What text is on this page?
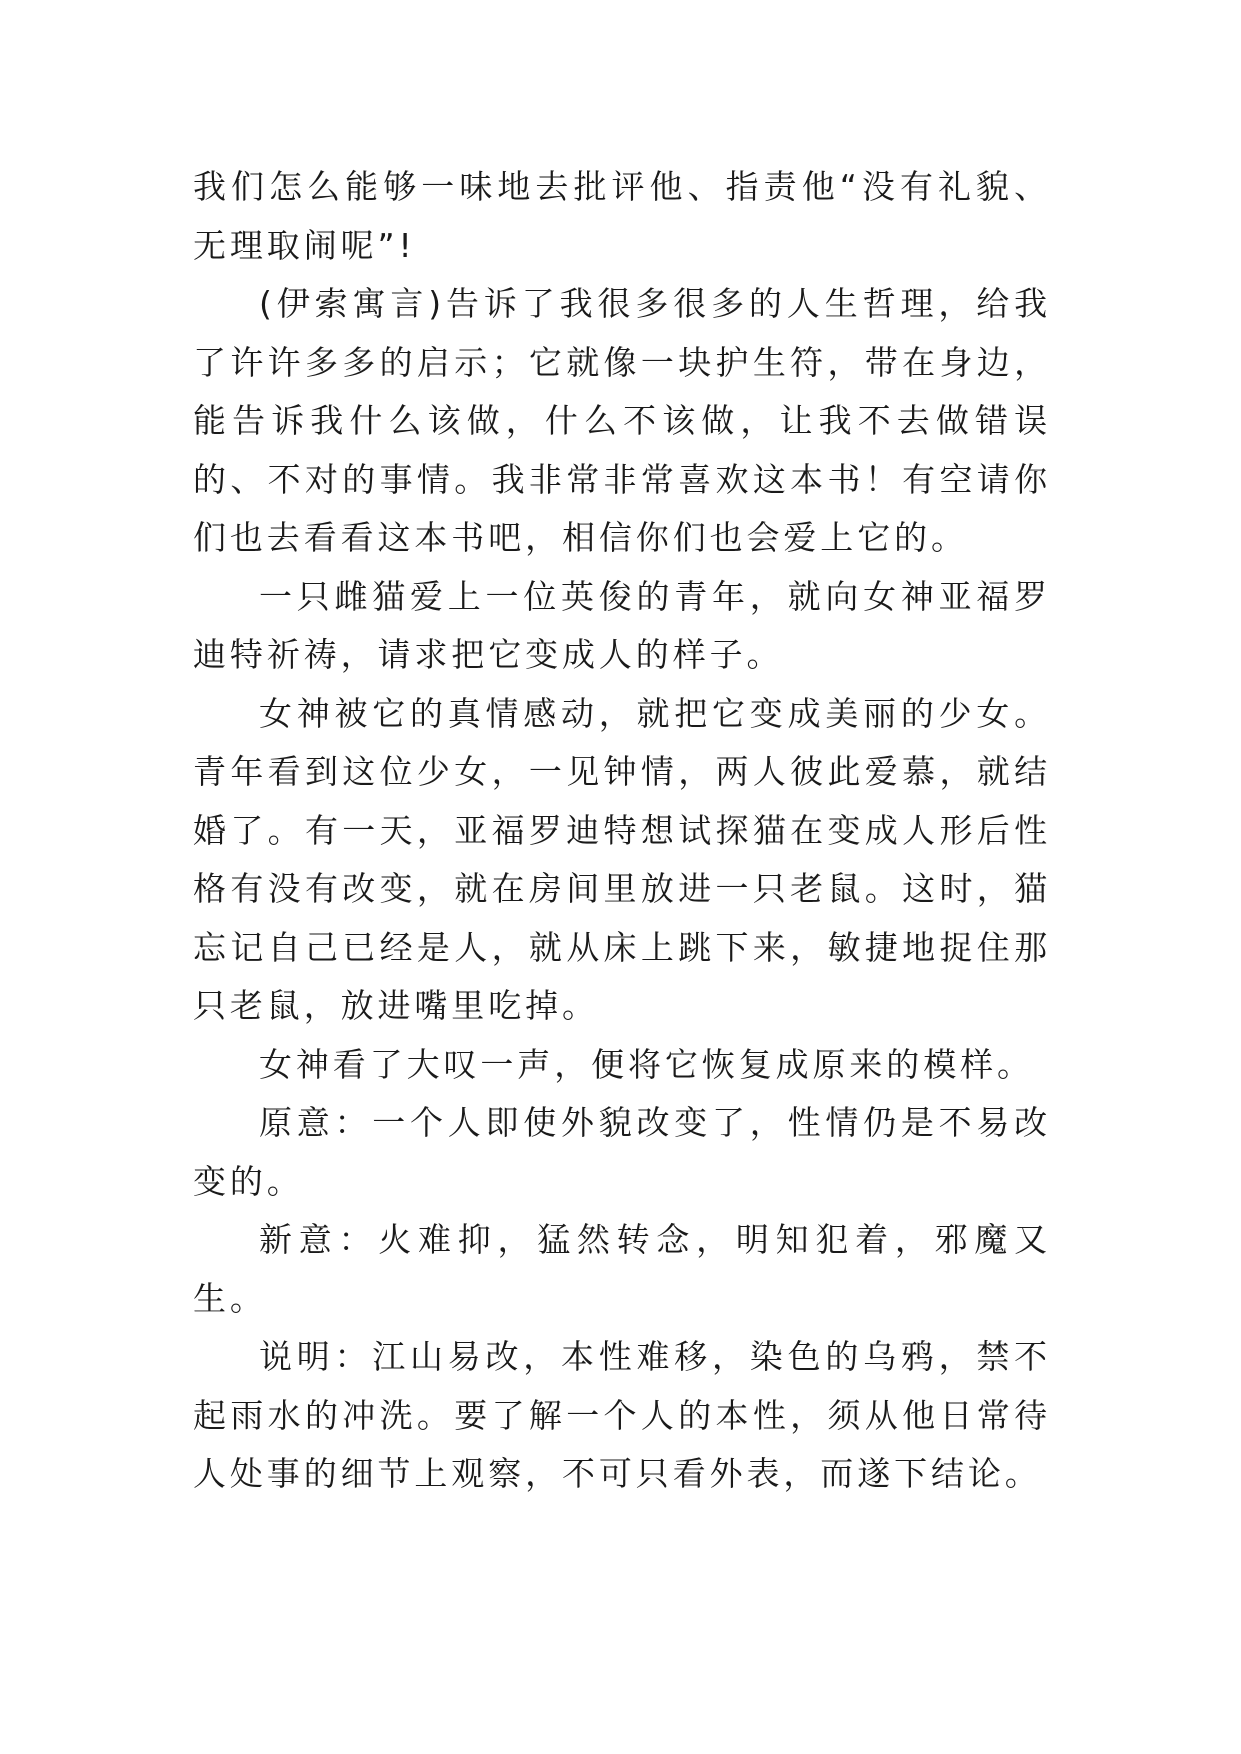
我们怎么能够一味地去批评他、指责他“没有礼貌、无理取闹呢”!

(伊索寓言)告诉了我很多很多的人生哲理，给我了许许多多的启示；它就像一块护生符，带在身边，能告诉我什么该做，什么不该做，让我不去做错误的、不对的事情。我非常非常喜欢这本书！有空请你们也去看看这本书吧，相信你们也会爱上它的。

一只雌猫爱上一位英俊的青年，就向女神亚福罗迪特祈祷，请求把它变成人的样子。

女神被它的真情感动，就把它变成美丽的少女。青年看到这位少女，一见钟情，两人彼此爱慕，就结婚了。有一天，亚福罗迪特想试探猫在变成人形后性格有没有改变，就在房间里放进一只老鼠。这时，猫忘记自己已经是人，就从床上跳下来，敏捷地捉住那只老鼠，放进嘴里吃掉。

女神看了大叹一声，便将它恢复成原来的模样。

原意：一个人即使外貌改变了，性情仍是不易改变的。

新意：火难抑，猛然转念，明知犯着，邪魔又生。

说明：江山易改，本性难移，染色的乌鸦，禁不起雨水的冲洗。要了解一个人的本性，须从他日常待人处事的细节上观察，不可只看外表，而遂下结论。
